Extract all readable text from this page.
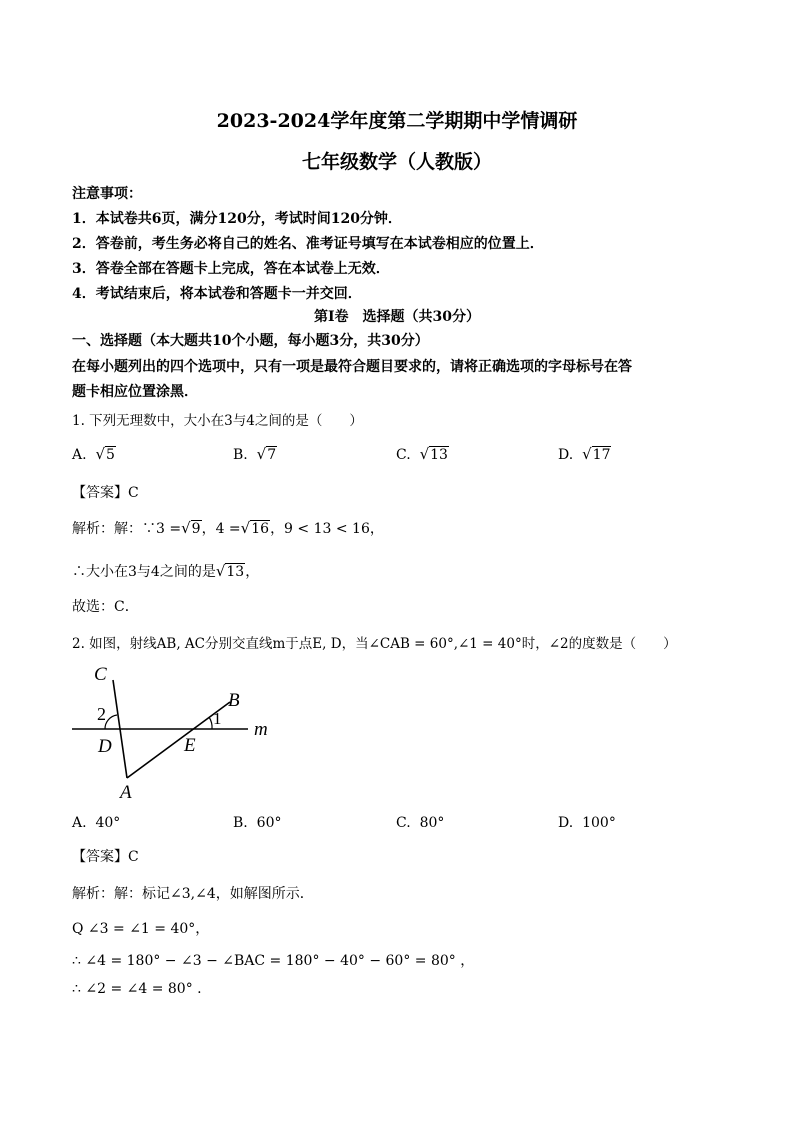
2023-2024学年度第二学期期中学情调研
七年级数学（人教版）
注意事项：
1．本试卷共6页，满分120分，考试时间120分钟．
2．答卷前，考生务必将自己的姓名、准考证号填写在本试卷相应的位置上．
3．答卷全部在答题卡上完成，答在本试卷上无效．
4．考试结束后，将本试卷和答题卡一并交回．
第Ⅰ卷　选择题（共30分）
一、选择题（本大题共10个小题，每小题3分，共30分）
在每小题列出的四个选项中，只有一项是最符合题目要求的，请将正确选项的字母标号在答
题卡相应位置涂黑．
1. 下列无理数中，大小在3与4之间的是（　　）
A. √5	B. √7	C. √13	D. √17
【答案】C
解析：解：∵3 =√9，4 =√16，9 < 13 < 16，
∴大小在3与4之间的是√13，
故选：C．
2. 如图，射线AB, AC分别交直线m于点E, D，当∠CAB = 60°,∠1 = 40°时，∠2的度数是（　　）
C
B
2	1
m
D	E
A
A. 40°	B. 60°	C. 80°	D. 100°
【答案】C
解析：解：标记∠3,∠4，如解图所示．
Q ∠3 = ∠1 = 40°，
∴ ∠4 = 180° − ∠3 − ∠BAC = 180° − 40° − 60° = 80° ，
∴ ∠2 = ∠4 = 80° .
